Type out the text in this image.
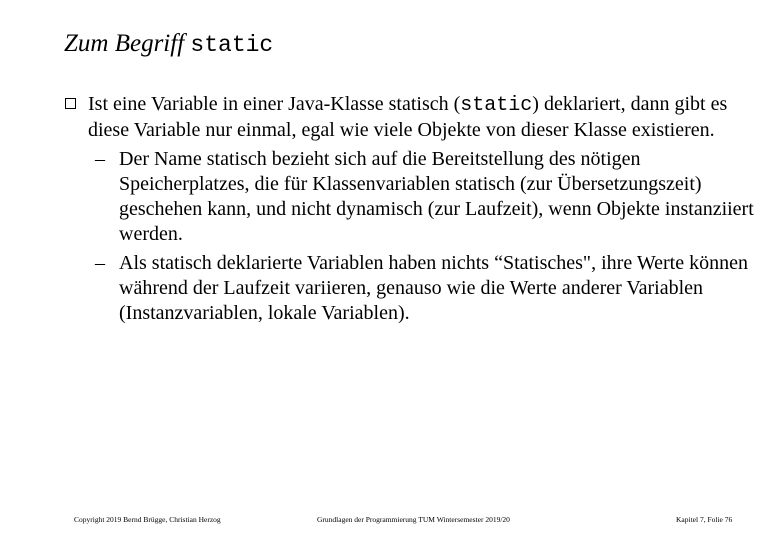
Zum Begriff static
Ist eine Variable in einer Java-Klasse statisch (static) deklariert, dann gibt es diese Variable nur einmal, egal wie viele Objekte von dieser Klasse existieren.
– Der Name statisch bezieht sich auf die Bereitstellung des nötigen Speicherplatzes, die für Klassenvariablen statisch (zur Übersetzungszeit) geschehen kann, und nicht dynamisch (zur Laufzeit), wenn Objekte instanziiert werden.
– Als statisch deklarierte Variablen haben nichts “Statisches", ihre Werte können während der Laufzeit variieren, genauso wie die Werte anderer Variablen (Instanzvariablen, lokale Variablen).
Copyright 2019 Bernd Brügge, Christian Herzog	Grundlagen der Programmierung TUM Wintersemester 2019/20	Kapitel 7, Folie 76
